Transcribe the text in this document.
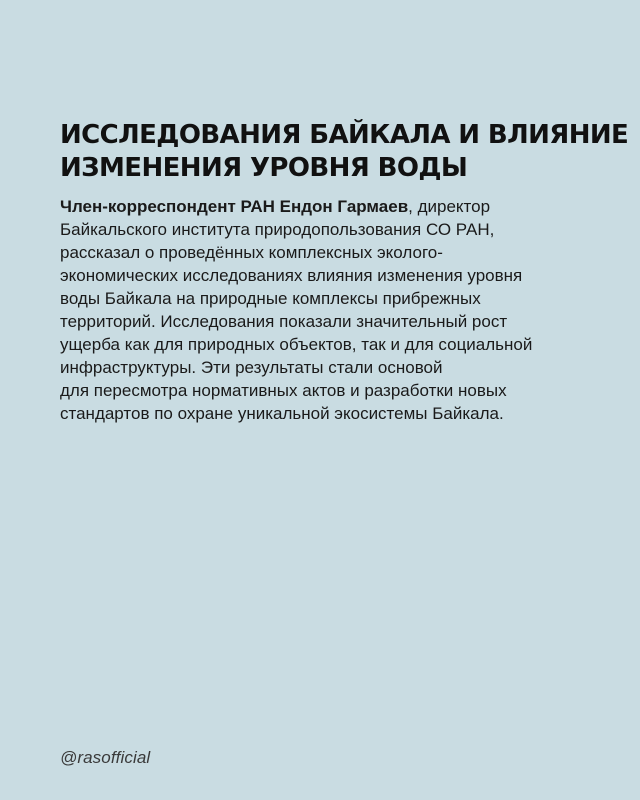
ИССЛЕДОВАНИЯ БАЙКАЛА И ВЛИЯНИЕ
ИЗМЕНЕНИЯ УРОВНЯ ВОДЫ
Член-корреспондент РАН Ендон Гармаев, директор
Байкальского института природопользования СО РАН,
рассказал о проведённых комплексных эколого-
экономических исследованиях влияния изменения уровня
воды Байкала на природные комплексы прибрежных
территорий. Исследования показали значительный рост
ущерба как для природных объектов, так и для социальной
инфраструктуры. Эти результаты стали основой
для пересмотра нормативных актов и разработки новых
стандартов по охране уникальной экосистемы Байкала.
@rasofficial
